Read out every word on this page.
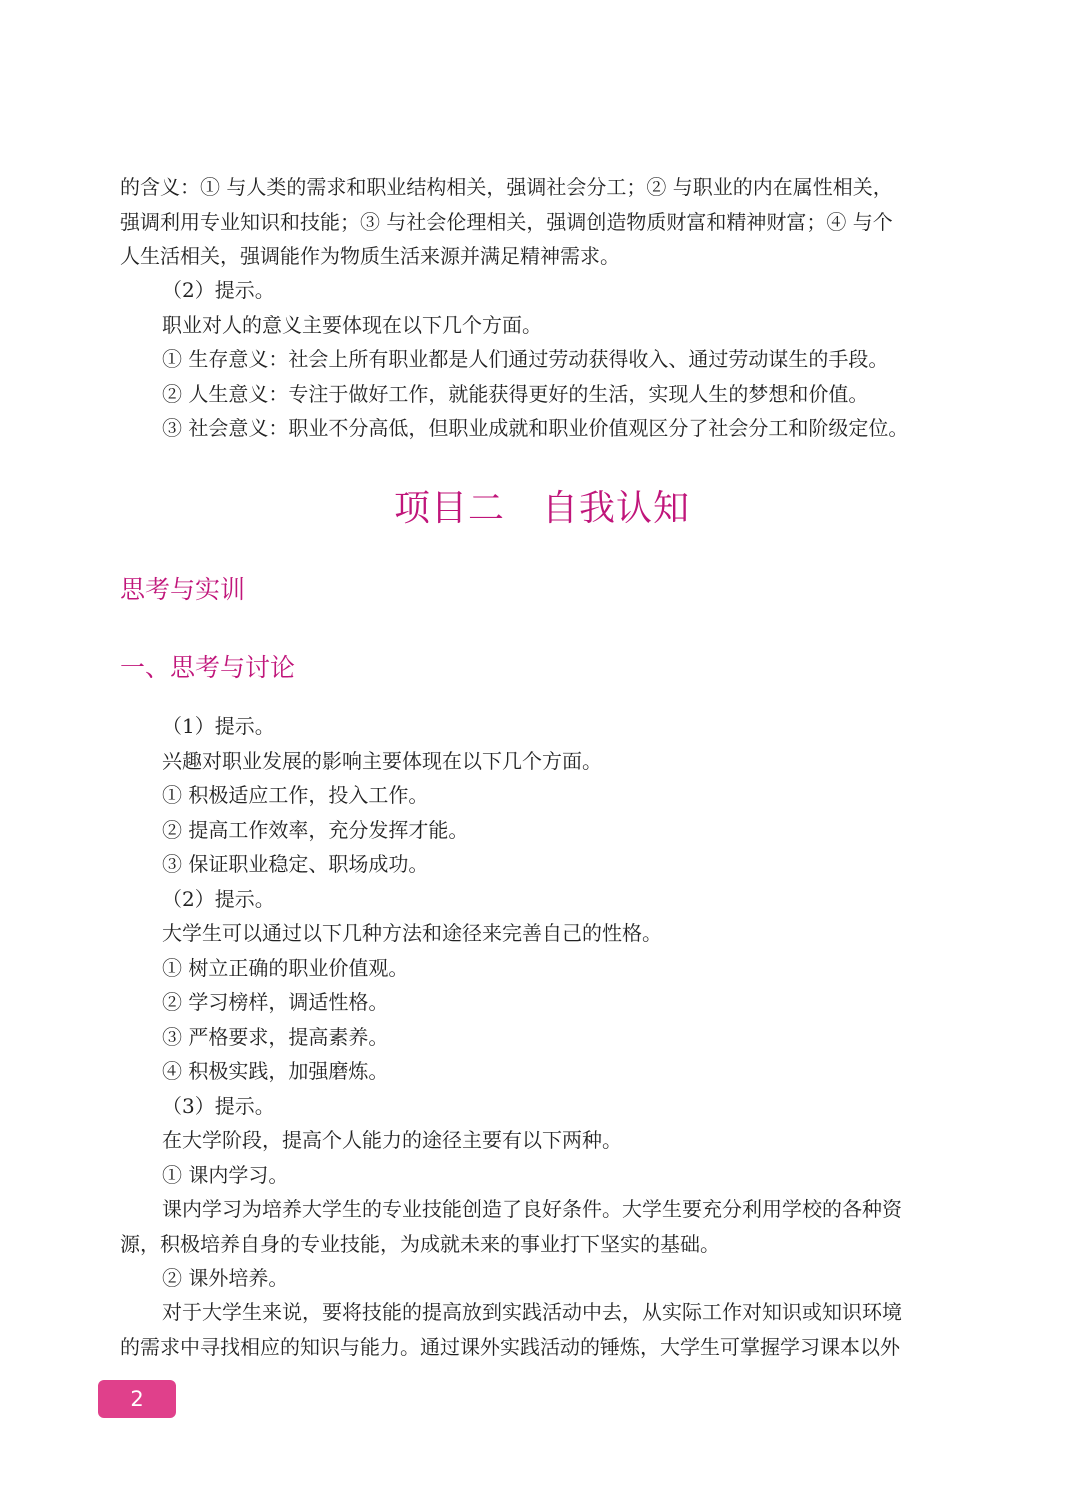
的含义：① 与人类的需求和职业结构相关，强调社会分工；② 与职业的内在属性相关，
强调利用专业知识和技能；③ 与社会伦理相关，强调创造物质财富和精神财富；④ 与个
人生活相关，强调能作为物质生活来源并满足精神需求。
（2）提示。
职业对人的意义主要体现在以下几个方面。
① 生存意义：社会上所有职业都是人们通过劳动获得收入、通过劳动谋生的手段。
② 人生意义：专注于做好工作，就能获得更好的生活，实现人生的梦想和价值。
③ 社会意义：职业不分高低，但职业成就和职业价值观区分了社会分工和阶级定位。
项目二　自我认知
思考与实训
一、思考与讨论
（1）提示。
兴趣对职业发展的影响主要体现在以下几个方面。
① 积极适应工作，投入工作。
② 提高工作效率，充分发挥才能。
③ 保证职业稳定、职场成功。
（2）提示。
大学生可以通过以下几种方法和途径来完善自己的性格。
① 树立正确的职业价值观。
② 学习榜样，调适性格。
③ 严格要求，提高素养。
④ 积极实践，加强磨炼。
（3）提示。
在大学阶段，提高个人能力的途径主要有以下两种。
① 课内学习。
课内学习为培养大学生的专业技能创造了良好条件。大学生要充分利用学校的各种资
源，积极培养自身的专业技能，为成就未来的事业打下坚实的基础。
② 课外培养。
对于大学生来说，要将技能的提高放到实践活动中去，从实际工作对知识或知识环境
的需求中寻找相应的知识与能力。通过课外实践活动的锤炼，大学生可掌握学习课本以外
2
